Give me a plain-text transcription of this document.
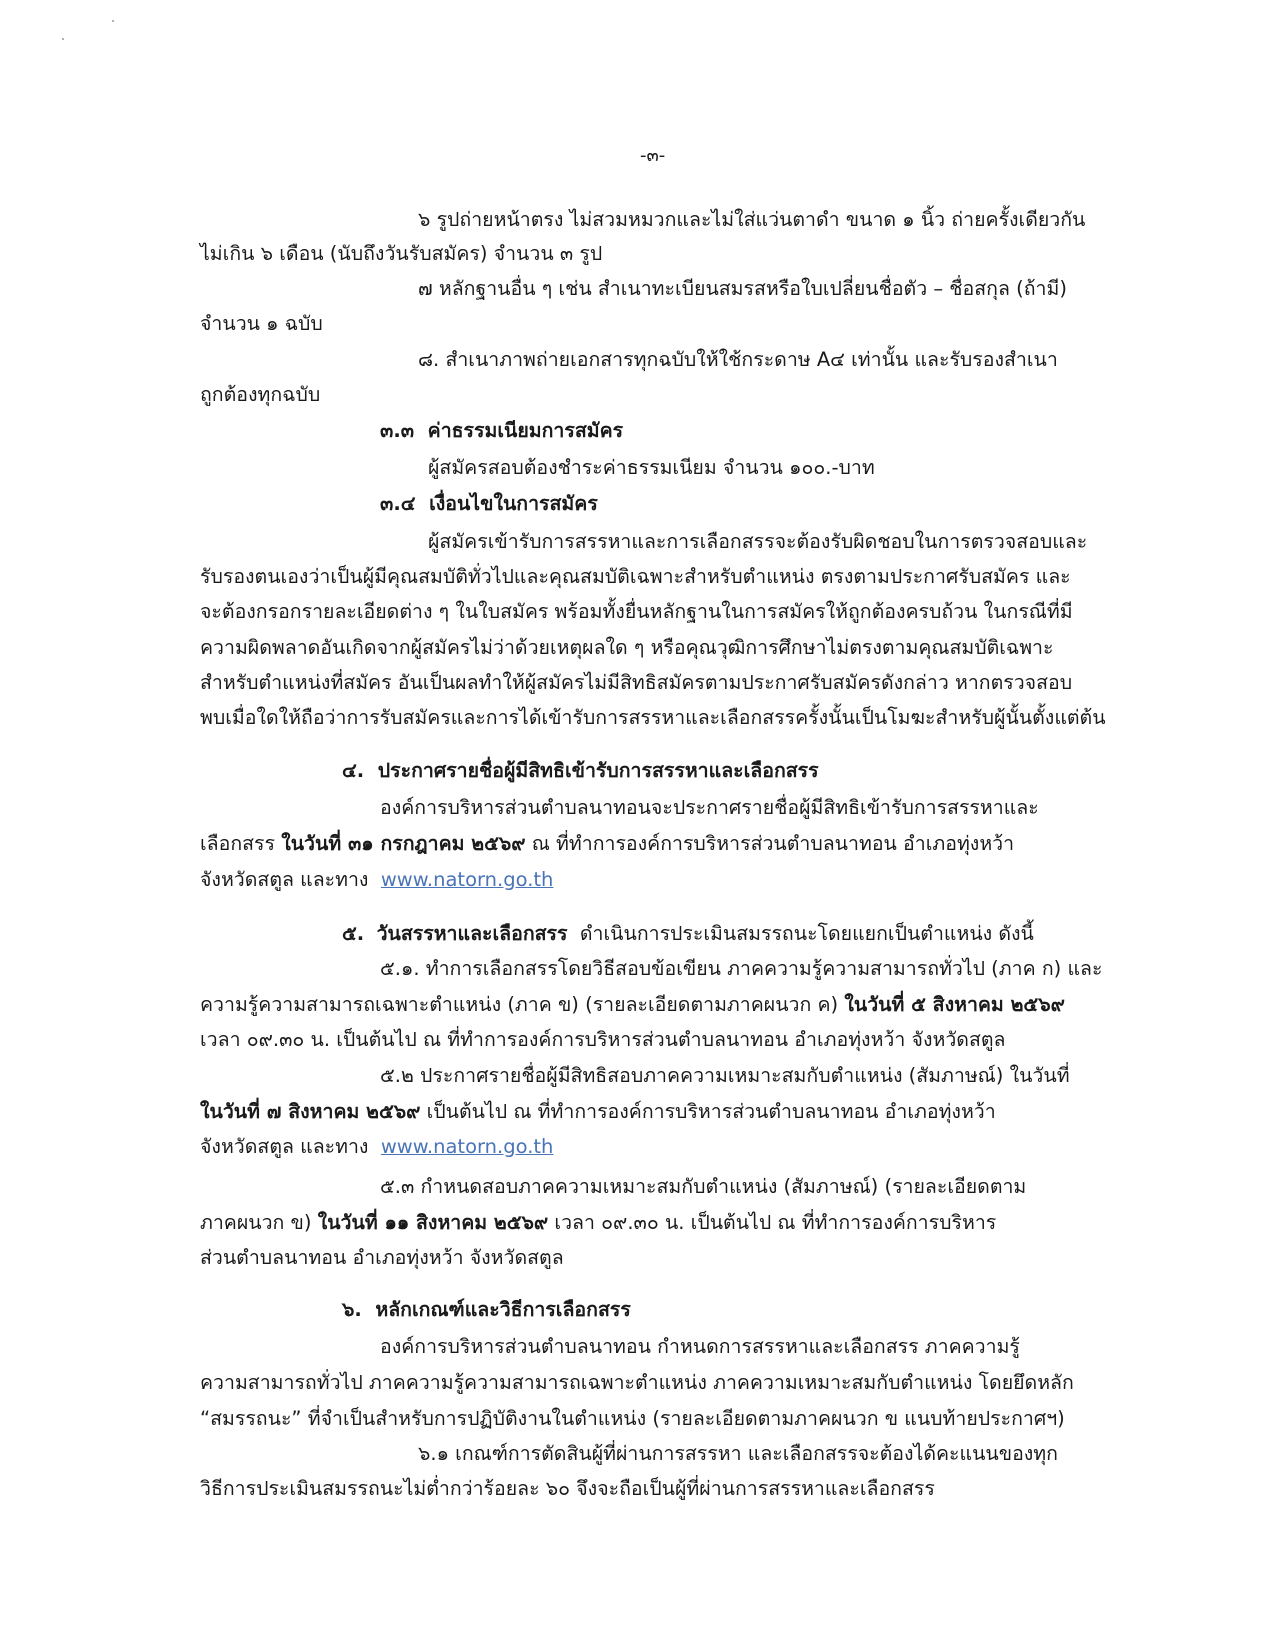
-๓-
๖ รูปถ่ายหน้าตรง ไม่สวมหมวกและไม่ใส่แว่นตาดำ ขนาด ๑ นิ้ว ถ่ายครั้งเดียวกัน
ไม่เกิน ๖ เดือน (นับถึงวันรับสมัคร) จำนวน ๓ รูป
๗ หลักฐานอื่น ๆ เช่น สำเนาทะเบียนสมรสหรือใบเปลี่ยนชื่อตัว – ชื่อสกุล (ถ้ามี)
จำนวน ๑ ฉบับ
๘. สำเนาภาพถ่ายเอกสารทุกฉบับให้ใช้กระดาษ A๔ เท่านั้น และรับรองสำเนา
ถูกต้องทุกฉบับ
๓.๓ ค่าธรรมเนียมการสมัคร
ผู้สมัครสอบต้องชำระค่าธรรมเนียม จำนวน ๑๐๐.-บาท
๓.๔ เงื่อนไขในการสมัคร
ผู้สมัครเข้ารับการสรรหาและการเลือกสรรจะต้องรับผิดชอบในการตรวจสอบและ
รับรองตนเองว่าเป็นผู้มีคุณสมบัติทั่วไปและคุณสมบัติเฉพาะสำหรับตำแหน่ง ตรงตามประกาศรับสมัคร และ
จะต้องกรอกรายละเอียดต่าง ๆ ในใบสมัคร พร้อมทั้งยื่นหลักฐานในการสมัครให้ถูกต้องครบถ้วน ในกรณีที่มี
ความผิดพลาดอันเกิดจากผู้สมัครไม่ว่าด้วยเหตุผลใด ๆ หรือคุณวุฒิการศึกษาไม่ตรงตามคุณสมบัติเฉพาะ
สำหรับตำแหน่งที่สมัคร อันเป็นผลทำให้ผู้สมัครไม่มีสิทธิสมัครตามประกาศรับสมัครดังกล่าว หากตรวจสอบ
พบเมื่อใดให้ถือว่าการรับสมัครและการได้เข้ารับการสรรหาและเลือกสรรครั้งนั้นเป็นโมฆะสำหรับผู้นั้นตั้งแต่ต้น
๔. ประกาศรายชื่อผู้มีสิทธิเข้ารับการสรรหาและเลือกสรร
องค์การบริหารส่วนตำบลนาทอนจะประกาศรายชื่อผู้มีสิทธิเข้ารับการสรรหาและ
เลือกสรร ในวันที่ ๓๑ กรกฎาคม ๒๕๖๙ ณ ที่ทำการองค์การบริหารส่วนตำบลนาทอน อำเภอทุ่งหว้า
จังหวัดสตูล และทาง www.natorn.go.th
๕. วันสรรหาและเลือกสรร ดำเนินการประเมินสมรรถนะโดยแยกเป็นตำแหน่ง ดังนี้
๕.๑. ทำการเลือกสรรโดยวิธีสอบข้อเขียน ภาคความรู้ความสามารถทั่วไป (ภาค ก) และ
ความรู้ความสามารถเฉพาะตำแหน่ง (ภาค ข) (รายละเอียดตามภาคผนวก ค) ในวันที่ ๕ สิงหาคม ๒๕๖๙
เวลา ๐๙.๓๐ น. เป็นต้นไป ณ ที่ทำการองค์การบริหารส่วนตำบลนาทอน อำเภอทุ่งหว้า จังหวัดสตูล
๕.๒ ประกาศรายชื่อผู้มีสิทธิสอบภาคความเหมาะสมกับตำแหน่ง (สัมภาษณ์) ในวันที่
ในวันที่ ๗ สิงหาคม ๒๕๖๙ เป็นต้นไป ณ ที่ทำการองค์การบริหารส่วนตำบลนาทอน อำเภอทุ่งหว้า
จังหวัดสตูล และทาง www.natorn.go.th
๕.๓ กำหนดสอบภาคความเหมาะสมกับตำแหน่ง (สัมภาษณ์) (รายละเอียดตาม
ภาคผนวก ข) ในวันที่ ๑๑ สิงหาคม ๒๕๖๙ เวลา ๐๙.๓๐ น. เป็นต้นไป ณ ที่ทำการองค์การบริหาร
ส่วนตำบลนาทอน อำเภอทุ่งหว้า จังหวัดสตูล
๖. หลักเกณฑ์และวิธีการเลือกสรร
องค์การบริหารส่วนตำบลนาทอน กำหนดการสรรหาและเลือกสรร ภาคความรู้
ความสามารถทั่วไป ภาคความรู้ความสามารถเฉพาะตำแหน่ง ภาคความเหมาะสมกับตำแหน่ง โดยยึดหลัก
“สมรรถนะ” ที่จำเป็นสำหรับการปฏิบัติงานในตำแหน่ง (รายละเอียดตามภาคผนวก ข แนบท้ายประกาศฯ)
๖.๑ เกณฑ์การตัดสินผู้ที่ผ่านการสรรหา และเลือกสรรจะต้องได้คะแนนของทุก
วิธีการประเมินสมรรถนะไม่ต่ำกว่าร้อยละ ๖๐ จึงจะถือเป็นผู้ที่ผ่านการสรรหาและเลือกสรร
